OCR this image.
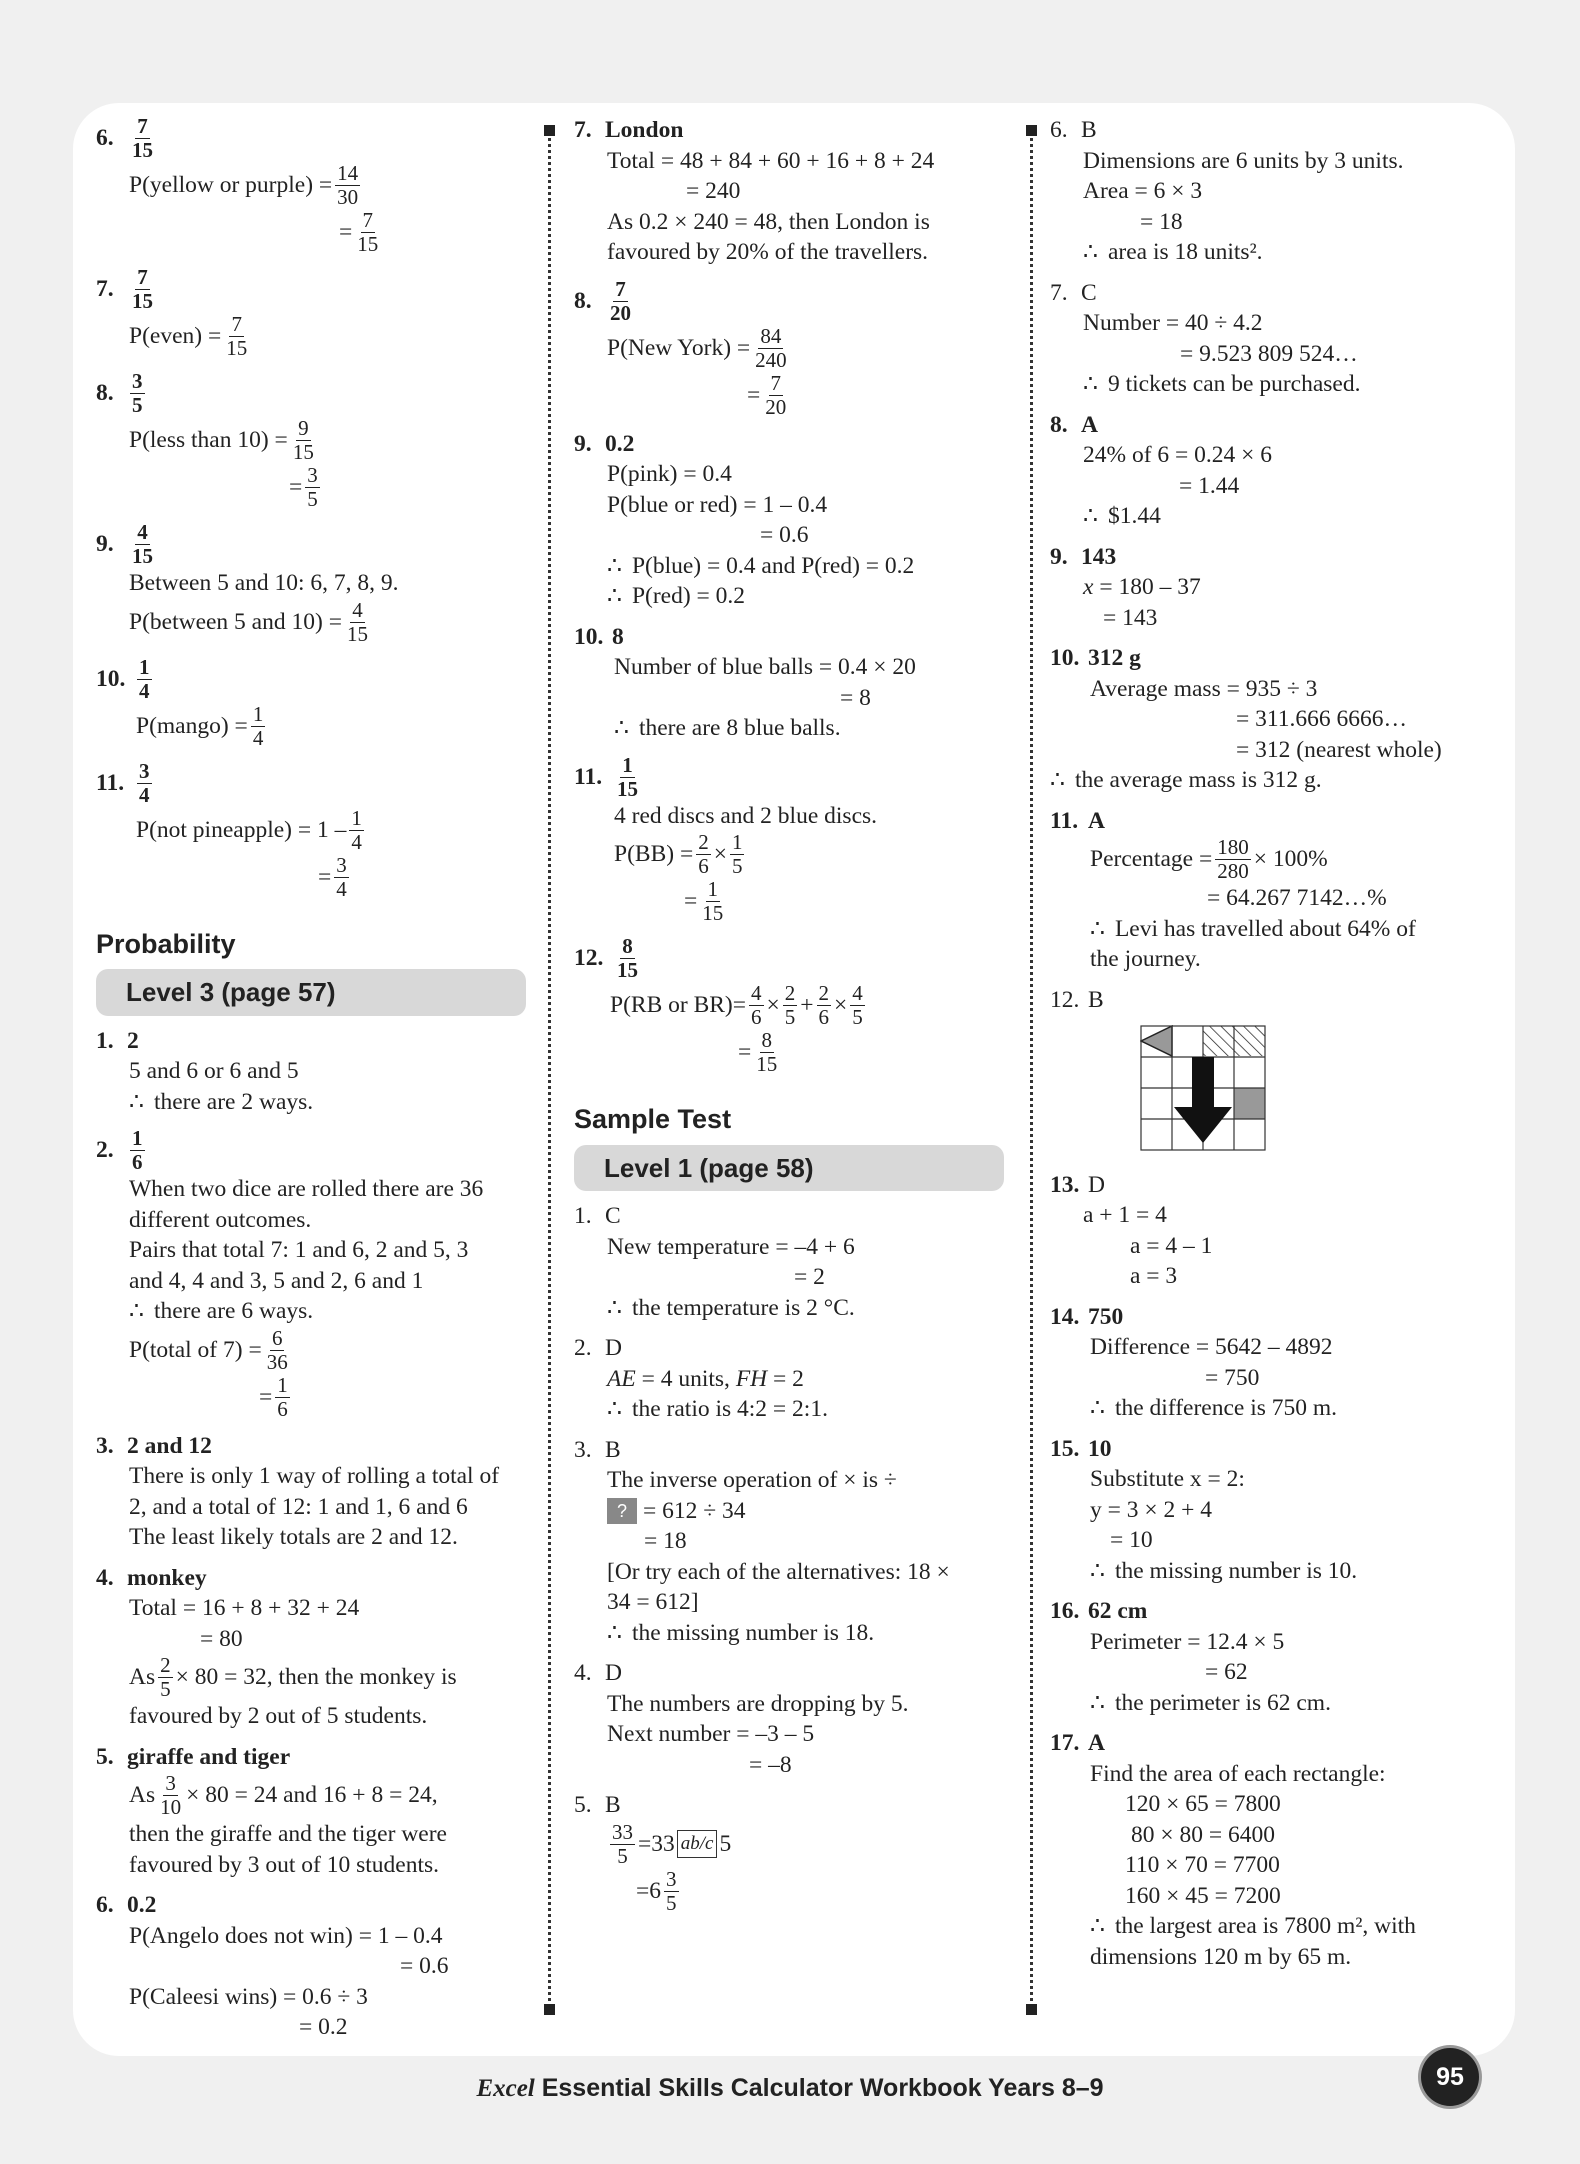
6. $\frac{7}{15}$
P(yellow or purple) = $\frac{14}{30}$
= $\frac{7}{15}$
7. $\frac{7}{15}$
P(even) = $\frac{7}{15}$
8. $\frac{3}{5}$
P(less than $10) = \frac{9}{15}$
= $\frac{3}{5}$
9. $\frac{4}{15}$
Between 5 and 10: 6, 7, 8, 9.
P(between 5 and $10) = \frac{4}{15}$
10. $\frac{1}{4}$
P(mango) = $\frac{1}{4}$
11. $\frac{3}{4}$
P(not pineapple) = $1 - \frac{1}{4}$
= $\frac{3}{4}$
Probability
Level 3 (page 57)
1. 2
5 and 6 or 6 and 5
∴ there are 2 ways.
2. $\frac{1}{6}$
When two dice are rolled there are 36
different outcomes.
Pairs that total 7: 1 and 6, 2 and 5, 3
and 4, 4 and 3, 5 and 2, 6 and 1
∴ there are 6 ways.
P(total of $7) = \frac{6}{36}$
= $\frac{1}{6}$
3. 2 and 12
There is only 1 way of rolling a total of
2, and a total of 12: 1 and 1, 6 and 6
The least likely totals are 2 and 12.
4. monkey
Total = 16 + 8 + 32 + 24
= 80
As $\frac{2}{5} \times 80 = 32$, then the monkey is
favoured by 2 out of 5 students.
5. giraffe and tiger
As $\frac{3}{10} \times 80 = 24$ and 16 + 8 = 24,
then the giraffe and the tiger were
favoured by 3 out of 10 students.
6. 0.2
P(Angelo does not win) = 1 – 0.4
= 0.6
P(Caleesi wins) = 0.6 ÷ 3
= 0.2
7. London
Total = 48 + 84 + 60 + 16 + 8 + 24
= 240
As 0.2 × 240 = 48, then London is
favoured by 20% of the travellers.
8. $\frac{7}{20}$
P(New York) = $\frac{84}{240}$
= $\frac{7}{20}$
9. 0.2
P(pink) = 0.4
P(blue or red) = 1 – 0.4
= 0.6
∴ P(blue) = 0.4 and P(red) = 0.2
∴ P(red) = 0.2
10. 8
Number of blue balls = 0.4 × 20
= 8
∴ there are 8 blue balls.
11. $\frac{1}{15}$
4 red discs and 2 blue discs.
$P(BB) = \frac{2}{6} \times \frac{1}{5}$
= $\frac{1}{15}$
12. $\frac{8}{15}$
P(RB or $BR)= \frac{4}{6} \times \frac{2}{5} + \frac{2}{6} \times \frac{4}{5}$
= $\frac{8}{15}$
Sample Test
Level 1 (page 58)
1. C
New temperature = –4 + 6
= 2
∴ the temperature is 2 °C.
2. D
AE = 4 units, FH = 2
∴ the ratio is 4:2 = 2:1.
3. B
The inverse operation of × is ÷
? = 612 ÷ 34
= 18
[Or try each of the alternatives: 18 ×
34 = 612]
∴ the missing number is 18.
4. D
The numbers are dropping by 5.
Next number = –3 – 5
= –8
5. B
$\frac{33}{5} =33$ ab/c 5
$=6 \frac{3}{5}$
6. B
Dimensions are 6 units by 3 units.
Area = 6 × 3
= 18
∴ area is 18 units².
7. C
Number = 40 ÷ 4.2
= 9.523 809 524…
∴ 9 tickets can be purchased.
8. A
24% of 6 = 0.24 × 6
= 1.44
∴ $1.44
9. 143
x = 180 – 37
= 143
10. 312 g
Average mass = 935 ÷ 3
= 311.666 6666…
= 312 (nearest whole)
∴ the average mass is 312 g.
11. A
Percentage = $\frac{180}{280} \times 100\%$
= 64.267 7142…%
∴ Levi has travelled about 64% of
the journey.
12. B
13. D
a + 1 = 4
a = 4 – 1
a = 3
14. 750
Difference = 5642 – 4892
= 750
∴ the difference is 750 m.
15. 10
Substitute x = 2:
y = 3 × 2 + 4
= 10
∴ the missing number is 10.
16. 62 cm
Perimeter = 12.4 × 5
= 62
∴ the perimeter is 62 cm.
17. A
Find the area of each rectangle:
120 × 65 = 7800
80 × 80 = 6400
110 × 70 = 7700
160 × 45 = 7200
∴ the largest area is 7800 m², with
dimensions 120 m by 65 m.
Excel Essential Skills Calculator Workbook Years 8–9	95
